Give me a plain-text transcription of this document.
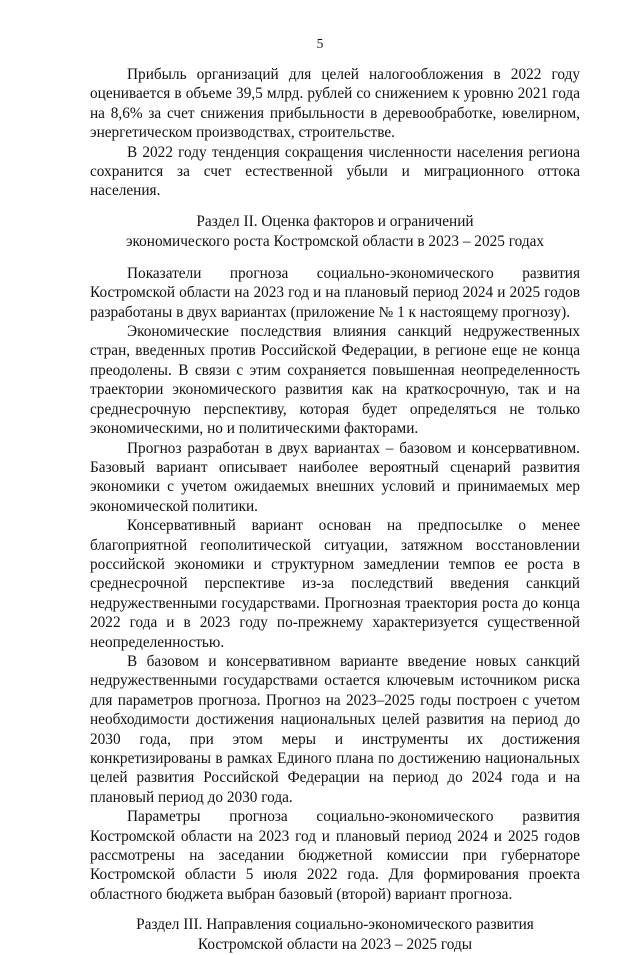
5

Прибыль организаций для целей налогообложения в 2022 году оценивается в объеме 39,5 млрд. рублей со снижением к уровню 2021 года на 8,6% за счет снижения прибыльности в деревообработке, ювелирном, энергетическом производствах, строительстве.

В 2022 году тенденция сокращения численности населения региона сохранится за счет естественной убыли и миграционного оттока населения.

Раздел II. Оценка факторов и ограничений
экономического роста Костромской области в 2023 – 2025 годах

Показатели прогноза социально-экономического развития Костромской области на 2023 год и на плановый период 2024 и 2025 годов разработаны в двух вариантах (приложение № 1 к настоящему прогнозу).

Экономические последствия влияния санкций недружественных стран, введенных против Российской Федерации, в регионе еще не конца преодолены. В связи с этим сохраняется повышенная неопределенность траектории экономического развития как на краткосрочную, так и на среднесрочную перспективу, которая будет определяться не только экономическими, но и политическими факторами.

Прогноз разработан в двух вариантах – базовом и консервативном. Базовый вариант описывает наиболее вероятный сценарий развития экономики с учетом ожидаемых внешних условий и принимаемых мер экономической политики.

Консервативный вариант основан на предпосылке о менее благоприятной геополитической ситуации, затяжном восстановлении российской экономики и структурном замедлении темпов ее роста в среднесрочной перспективе из-за последствий введения санкций недружественными государствами. Прогнозная траектория роста до конца 2022 года и в 2023 году по-прежнему характеризуется существенной неопределенностью.

В базовом и консервативном варианте введение новых санкций недружественными государствами остается ключевым источником риска для параметров прогноза. Прогноз на 2023–2025 годы построен с учетом необходимости достижения национальных целей развития на период до 2030 года, при этом меры и инструменты их достижения конкретизированы в рамках Единого плана по достижению национальных целей развития Российской Федерации на период до 2024 года и на плановый период до 2030 года.

Параметры прогноза социально-экономического развития Костромской области на 2023 год и плановый период 2024 и 2025 годов рассмотрены на заседании бюджетной комиссии при губернаторе Костромской области 5 июля 2022 года. Для формирования проекта областного бюджета выбран базовый (второй) вариант прогноза.

Раздел III. Направления социально-экономического развития
Костромской области на 2023 – 2025 годы
